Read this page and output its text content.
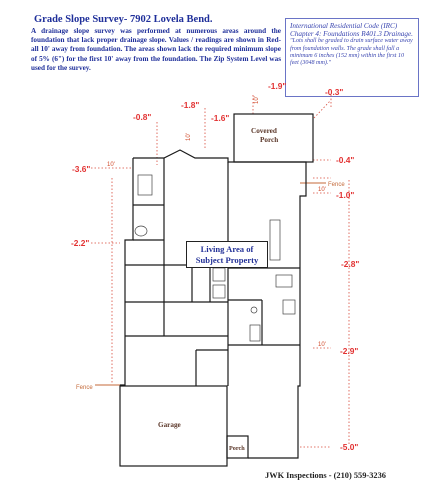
Grade Slope Survey- 7902 Lovela Bend.
A drainage slope survey was performed at numerous areas around the foundation that lack proper drainage slope. Values / readings are shown in Red- all 10' away from foundation. The areas shown lack the required minimum slope of 5% (6") for the first 10' away from the foundation. The Zip System Level was used for the survey.
International Residential Code (IRC)
Chapter 4: Foundations R401.3 Drainage.
"Lots shall be graded to drain surface water away from foundation walls. The grade shall fall a minimum 6 inches (152 mm) within the first 10 feet (3048 mm)."
10'
10'
10'
10'
10'
-1.9"
-0.3"
-1.8"
-0.8"	-1.6"
-3.6"
-0.4"
-1.0"
-2.2"
-2.8"
-2.9"
-5.0"
Fence
Fence
Covered
Porch
Garage
Porch
Living Area of
Subject Property
JWK Inspections - (210) 559-3236
